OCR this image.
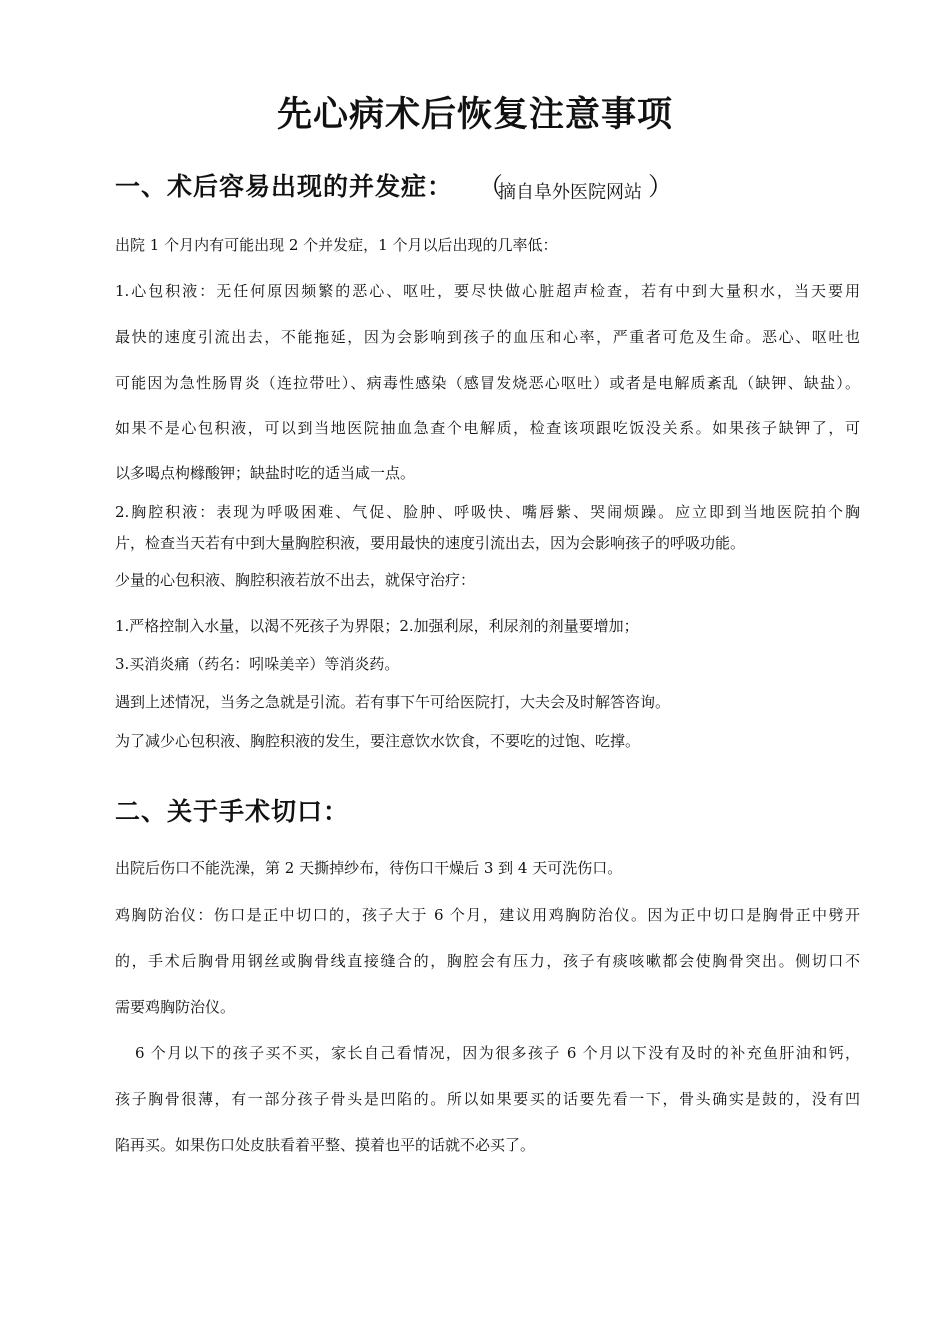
先心病术后恢复注意事项
一、术后容易出现的并发症： （
摘自阜外医院网站 ）

出院 1 个月内有可能出现 2 个并发症，1 个月以后出现的几率低：

1.心包积液：无任何原因频繁的恶心、呕吐，要尽快做心脏超声检查，若有中到大量积水，当天要用

最快的速度引流出去，不能拖延，因为会影响到孩子的血压和心率，严重者可危及生命。恶心、呕吐也

可能因为急性肠胃炎（连拉带吐）、病毒性感染（感冒发烧恶心呕吐）或者是电解质紊乱（缺钾、缺盐）。

如果不是心包积液，可以到当地医院抽血急查个电解质，检查该项跟吃饭没关系。如果孩子缺钾了，可

以多喝点枸橼酸钾；缺盐时吃的适当咸一点。

2.胸腔积液：表现为呼吸困难、气促、脸肿、呼吸快、嘴唇紫、哭闹烦躁。应立即到当地医院拍个胸

片，检查当天若有中到大量胸腔积液，要用最快的速度引流出去，因为会影响孩子的呼吸功能。

少量的心包积液、胸腔积液若放不出去，就保守治疗：

1.严格控制入水量，以渴不死孩子为界限；2.加强利尿，利尿剂的剂量要增加；

3.买消炎痛（药名：吲哚美辛）等消炎药。

遇到上述情况，当务之急就是引流。若有事下午可给医院打，大夫会及时解答咨询。

为了减少心包积液、胸腔积液的发生，要注意饮水饮食，不要吃的过饱、吃撑。

二、关于手术切口：

出院后伤口不能洗澡，第 2 天撕掉纱布，待伤口干燥后 3 到 4 天可洗伤口。

鸡胸防治仪：伤口是正中切口的，孩子大于 6 个月，建议用鸡胸防治仪。因为正中切口是胸骨正中劈开

的，手术后胸骨用钢丝或胸骨线直接缝合的，胸腔会有压力，孩子有痰咳嗽都会使胸骨突出。侧切口不

需要鸡胸防治仪。

6 个月以下的孩子买不买，家长自己看情况，因为很多孩子 6 个月以下没有及时的补充鱼肝油和钙，

孩子胸骨很薄，有一部分孩子骨头是凹陷的。所以如果要买的话要先看一下，骨头确实是鼓的，没有凹

陷再买。如果伤口处皮肤看着平整、摸着也平的话就不必买了。
